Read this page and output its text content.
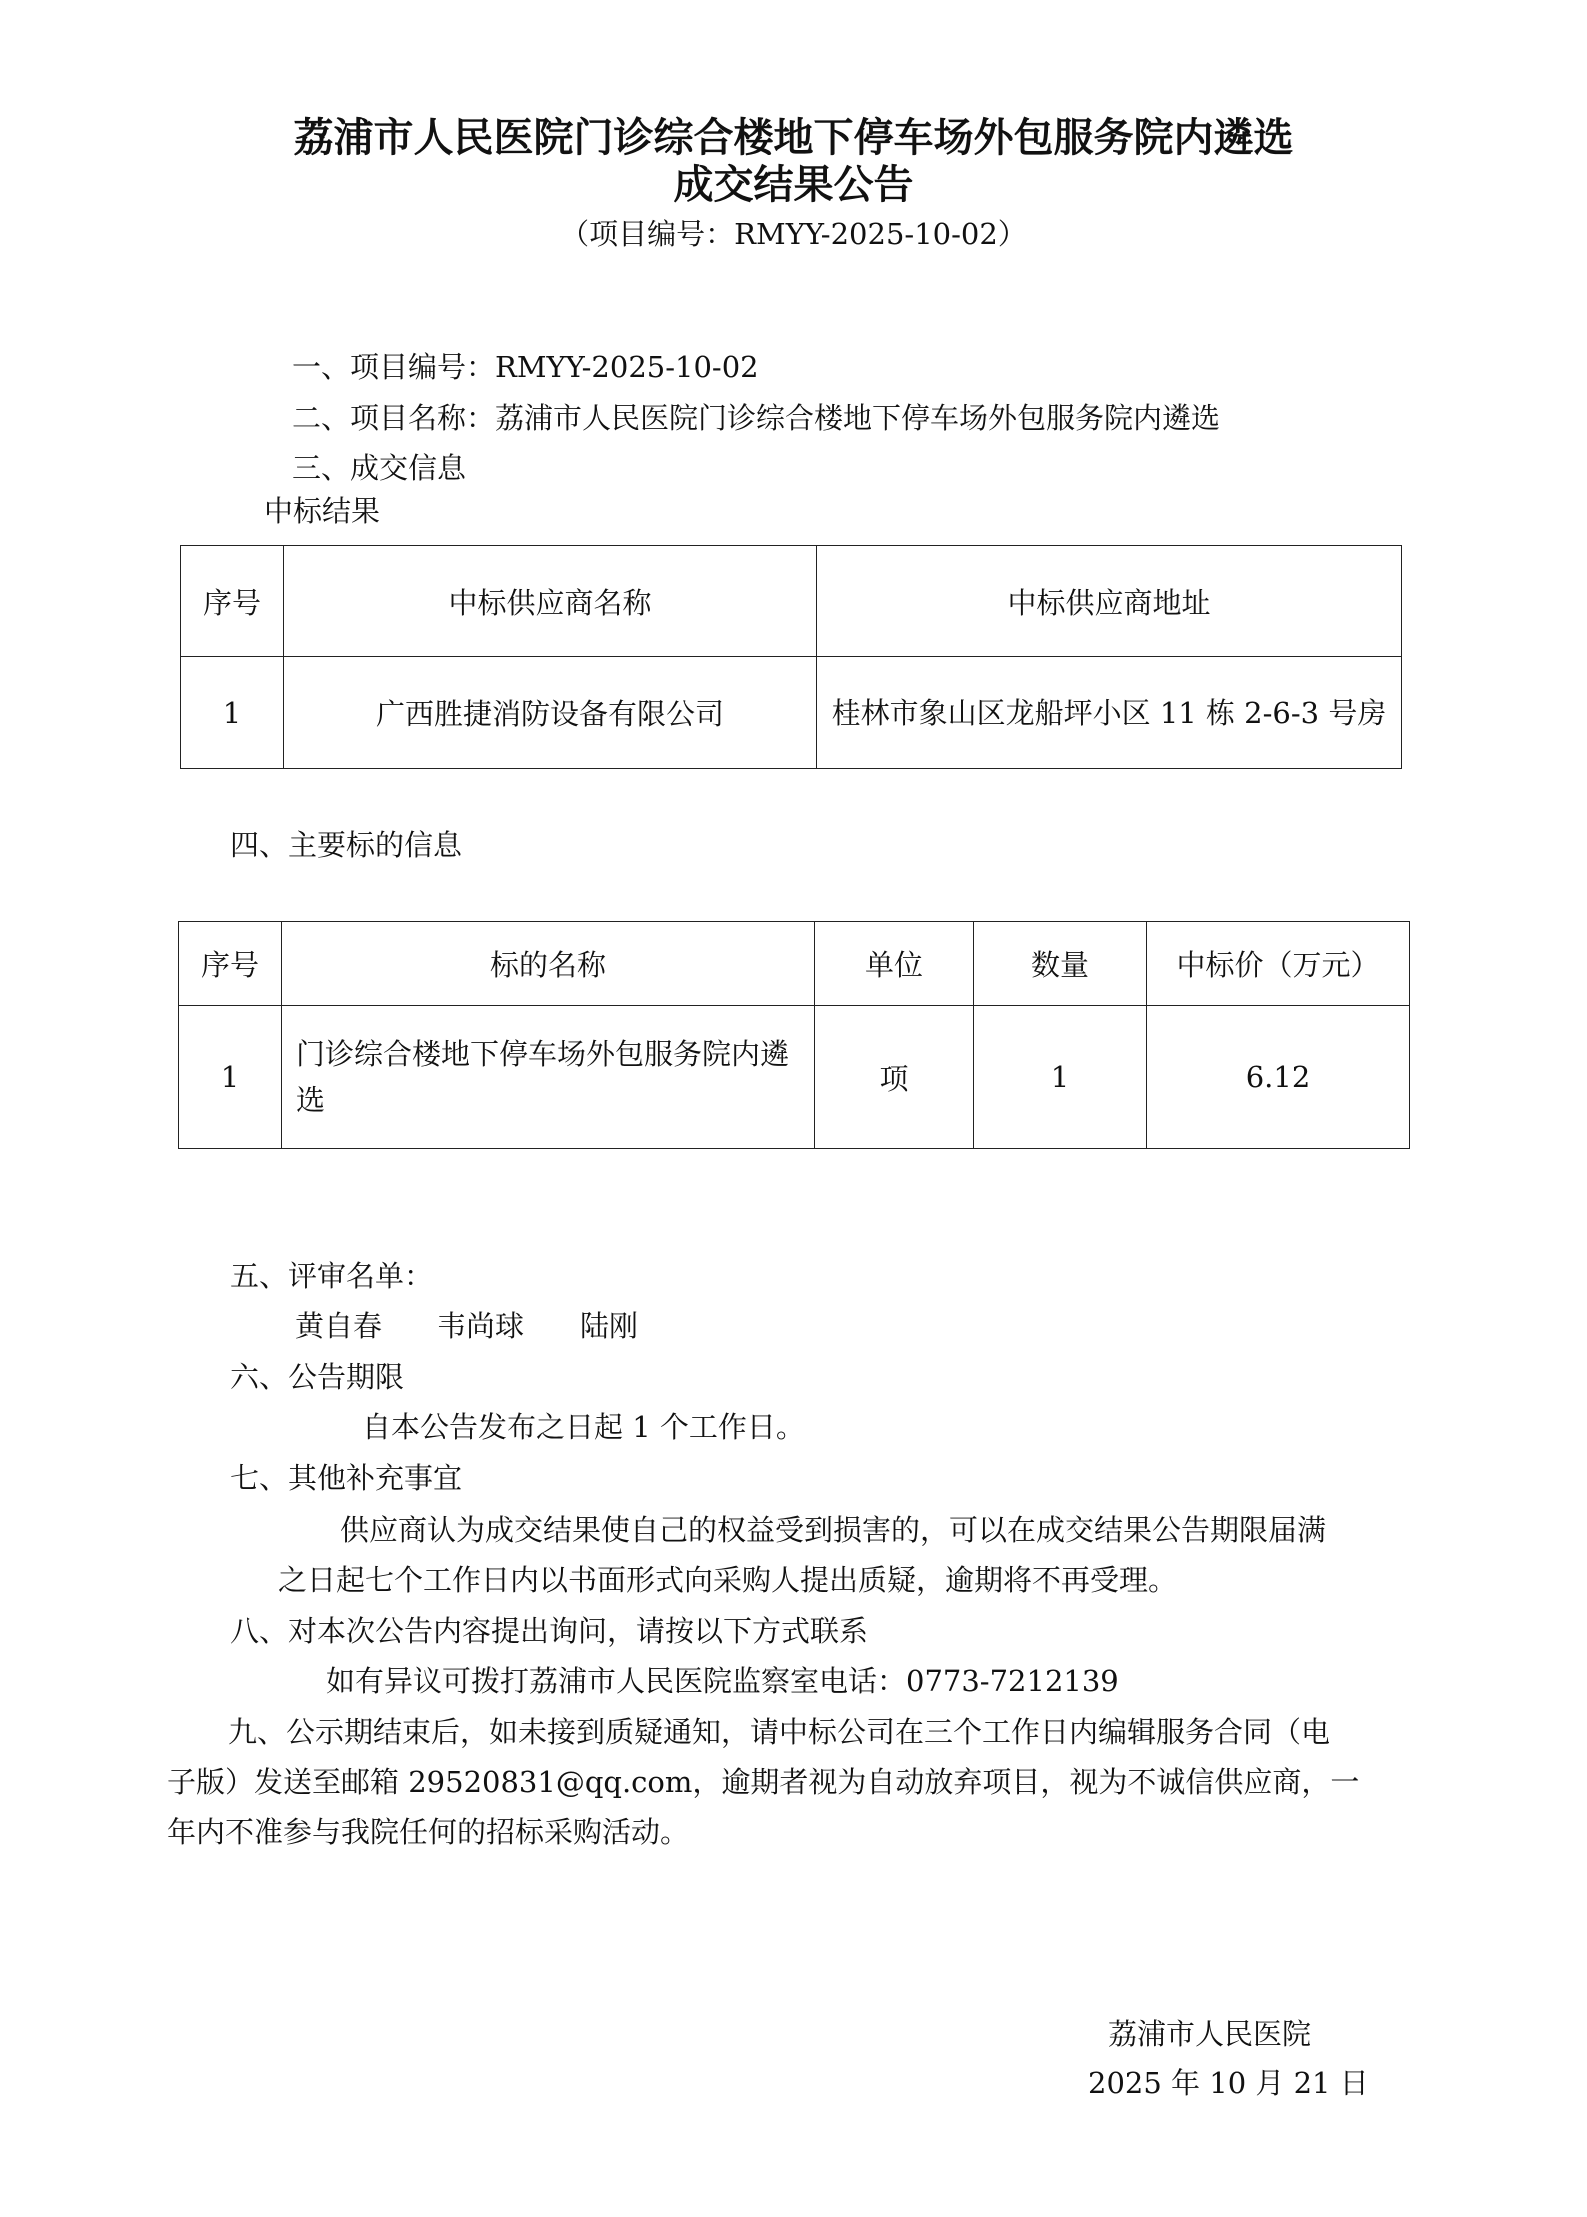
荔浦市人民医院门诊综合楼地下停车场外包服务院内遴选
成交结果公告
（项目编号：RMYY-2025-10-02）
一、项目编号：RMYY-2025-10-02
二、项目名称：荔浦市人民医院门诊综合楼地下停车场外包服务院内遴选
三、成交信息
中标结果
序号	中标供应商名称	中标供应商地址
1	广西胜捷消防设备有限公司	桂林市象山区龙船坪小区 11 栋 2-6-3 号房
四、主要标的信息
序号	标的名称	单位	数量	中标价（万元）
1	门诊综合楼地下停车场外包服务院内遴选	项	1	6.12
五、评审名单：
黄自春 韦尚球 陆刚
六、公告期限
自本公告发布之日起 1 个工作日。
七、其他补充事宜
供应商认为成交结果使自己的权益受到损害的，可以在成交结果公告期限届满
之日起七个工作日内以书面形式向采购人提出质疑，逾期将不再受理。
八、对本次公告内容提出询问，请按以下方式联系
如有异议可拨打荔浦市人民医院监察室电话：0773-7212139
九、公示期结束后，如未接到质疑通知，请中标公司在三个工作日内编辑服务合同（电
子版）发送至邮箱 29520831@qq.com，逾期者视为自动放弃项目，视为不诚信供应商，一
年内不准参与我院任何的招标采购活动。
荔浦市人民医院
2025 年 10 月 21 日
